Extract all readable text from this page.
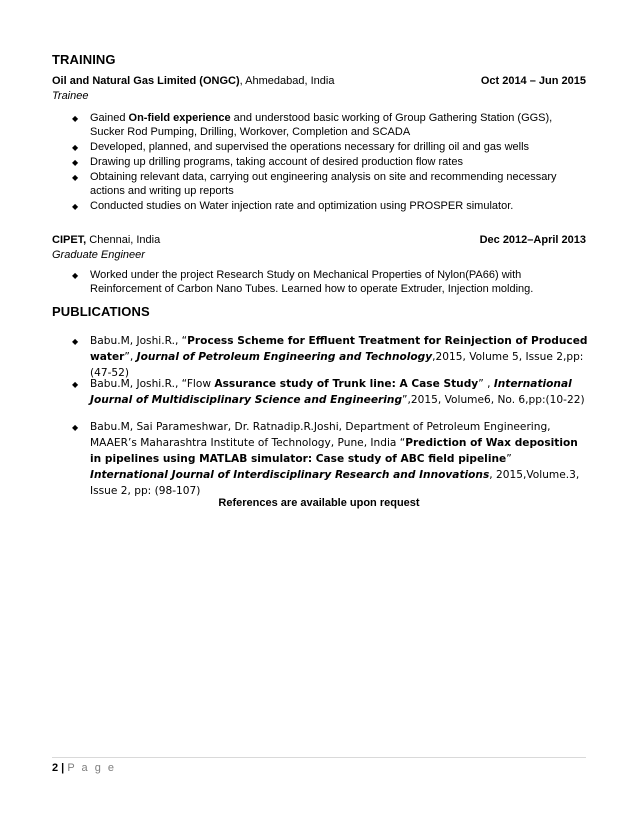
TRAINING
Oil and Natural Gas Limited (ONGC), Ahmedabad, India	Oct 2014 – Jun 2015
Trainee
◆ Gained On-field experience and understood basic working of Group Gathering Station (GGS), Sucker Rod Pumping, Drilling, Workover, Completion and SCADA
◆ Developed, planned, and supervised the operations necessary for drilling oil and gas wells
◆ Drawing up drilling programs, taking account of desired production flow rates
◆ Obtaining relevant data, carrying out engineering analysis on site and recommending necessary actions and writing up reports
◆ Conducted studies on Water injection rate and optimization using PROSPER simulator.
CIPET, Chennai, India	Dec 2012–April 2013
Graduate Engineer
◆ Worked under the project Research Study on Mechanical Properties of Nylon(PA66) with Reinforcement of Carbon Nano Tubes. Learned how to operate Extruder, Injection molding.
PUBLICATIONS
◆ Babu.M, Joshi.R., “Process Scheme for Effluent Treatment for Reinjection of Produced water”, Journal of Petroleum Engineering and Technology,2015, Volume 5, Issue 2,pp:(47-52)
◆ Babu.M, Joshi.R., “Flow Assurance study of Trunk line: A Case Study” , International Journal of Multidisciplinary Science and Engineering”,2015, Volume6, No. 6,pp:(10-22)
◆ Babu.M, Sai Parameshwar, Dr. Ratnadip.R.Joshi, Department of Petroleum Engineering, MAAER’s Maharashtra Institute of Technology, Pune, India “Prediction of Wax deposition in pipelines using MATLAB simulator: Case study of ABC field pipeline” International Journal of Interdisciplinary Research and Innovations, 2015,Volume.3, Issue 2, pp: (98-107)
References are available upon request
2 | P a g e
